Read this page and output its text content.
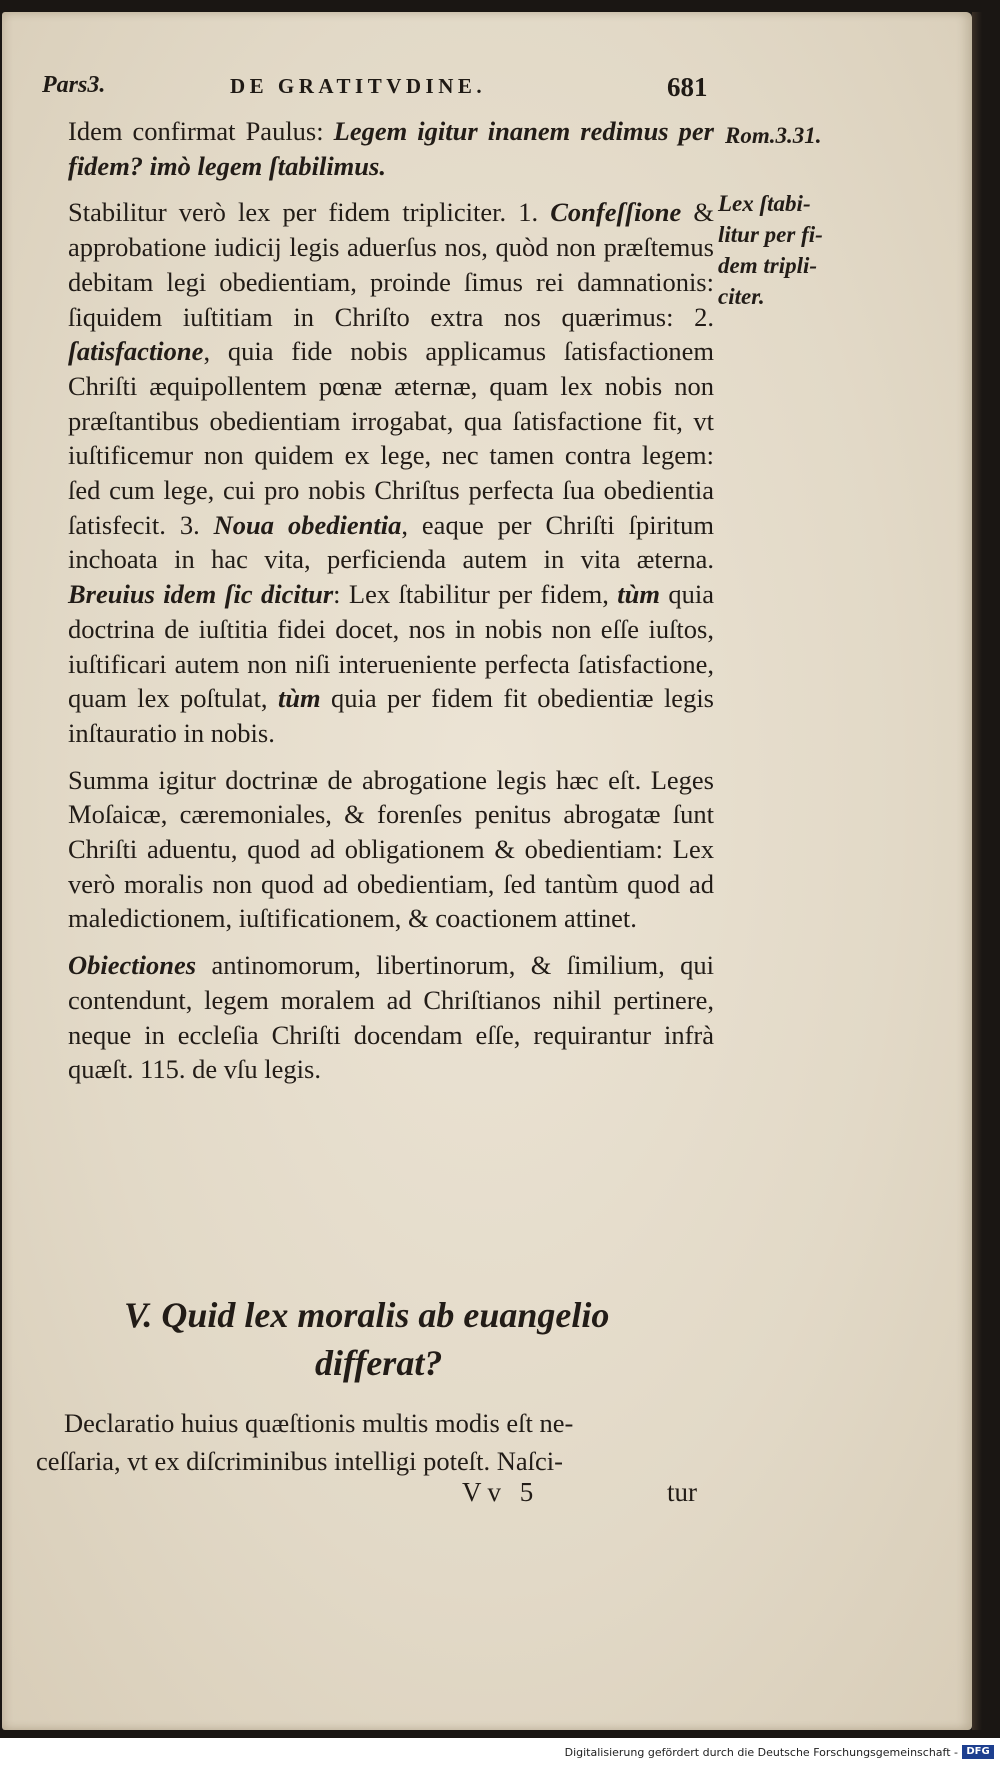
Pars3.	DE GRATITVDINE.	681
Rom.3.31.
Lex ſtabi-
litur per fi-
dem tripli-
citer.

Idem confirmat Paulus: Legem igitur inanem redimus per fidem? imò legem ſtabilimus.

Stabilitur verò lex per fidem tripliciter. 1. Confeſſione & approbatione iudicij legis aduerſus nos, quòd non præſtemus debitam legi obedientiam, proinde ſimus rei damnationis: ſiquidem iuſtitiam in Chriſto extra nos quærimus: 2. ſatisfactione, quia fide nobis applicamus ſatisfactionem Chriſti æquipollentem pœnæ æternæ, quam lex nobis non præſtantibus obedientiam irrogabat, qua ſatisfactione fit, vt iuſtificemur non quidem ex lege, nec tamen contra legem: ſed cum lege, cui pro nobis Chriſtus perfecta ſua obedientia ſatisfecit. 3. Noua obedientia, eaque per Chriſti ſpiritum inchoata in hac vita, perficienda autem in vita æterna. Breuius idem ſic dicitur: Lex ſtabilitur per fidem, tùm quia doctrina de iuſtitia fidei docet, nos in nobis non eſſe iuſtos, iuſtificari autem non niſi interueniente perfecta ſatisfactione, quam lex poſtulat, tùm quia per fidem fit obedientiæ legis inſtauratio in nobis.

Summa igitur doctrinæ de abrogatione legis hæc eſt. Leges Moſaicæ, cæremoniales, & forenſes penitus abrogatæ ſunt Chriſti aduentu, quod ad obligationem & obedientiam: Lex verò moralis non quod ad obedientiam, ſed tantùm quod ad maledictionem, iuſtificationem, & coactionem attinet.

Obiectiones antinomorum, libertinorum, & ſimilium, qui contendunt, legem moralem ad Chriſtianos nihil pertinere, neque in eccleſia Chriſti docendam eſſe, requirantur infrà quæſt. 115. de vſu legis.

V. Quid lex moralis ab euangelio
differat?
Declaratio huius quæſtionis multis modis eſt ne-
ceſſaria, vt ex diſcriminibus intelligi poteſt. Naſci-
Vv 5	tur
Digitalisierung gefördert durch die Deutsche Forschungsgemeinschaft - DFG
